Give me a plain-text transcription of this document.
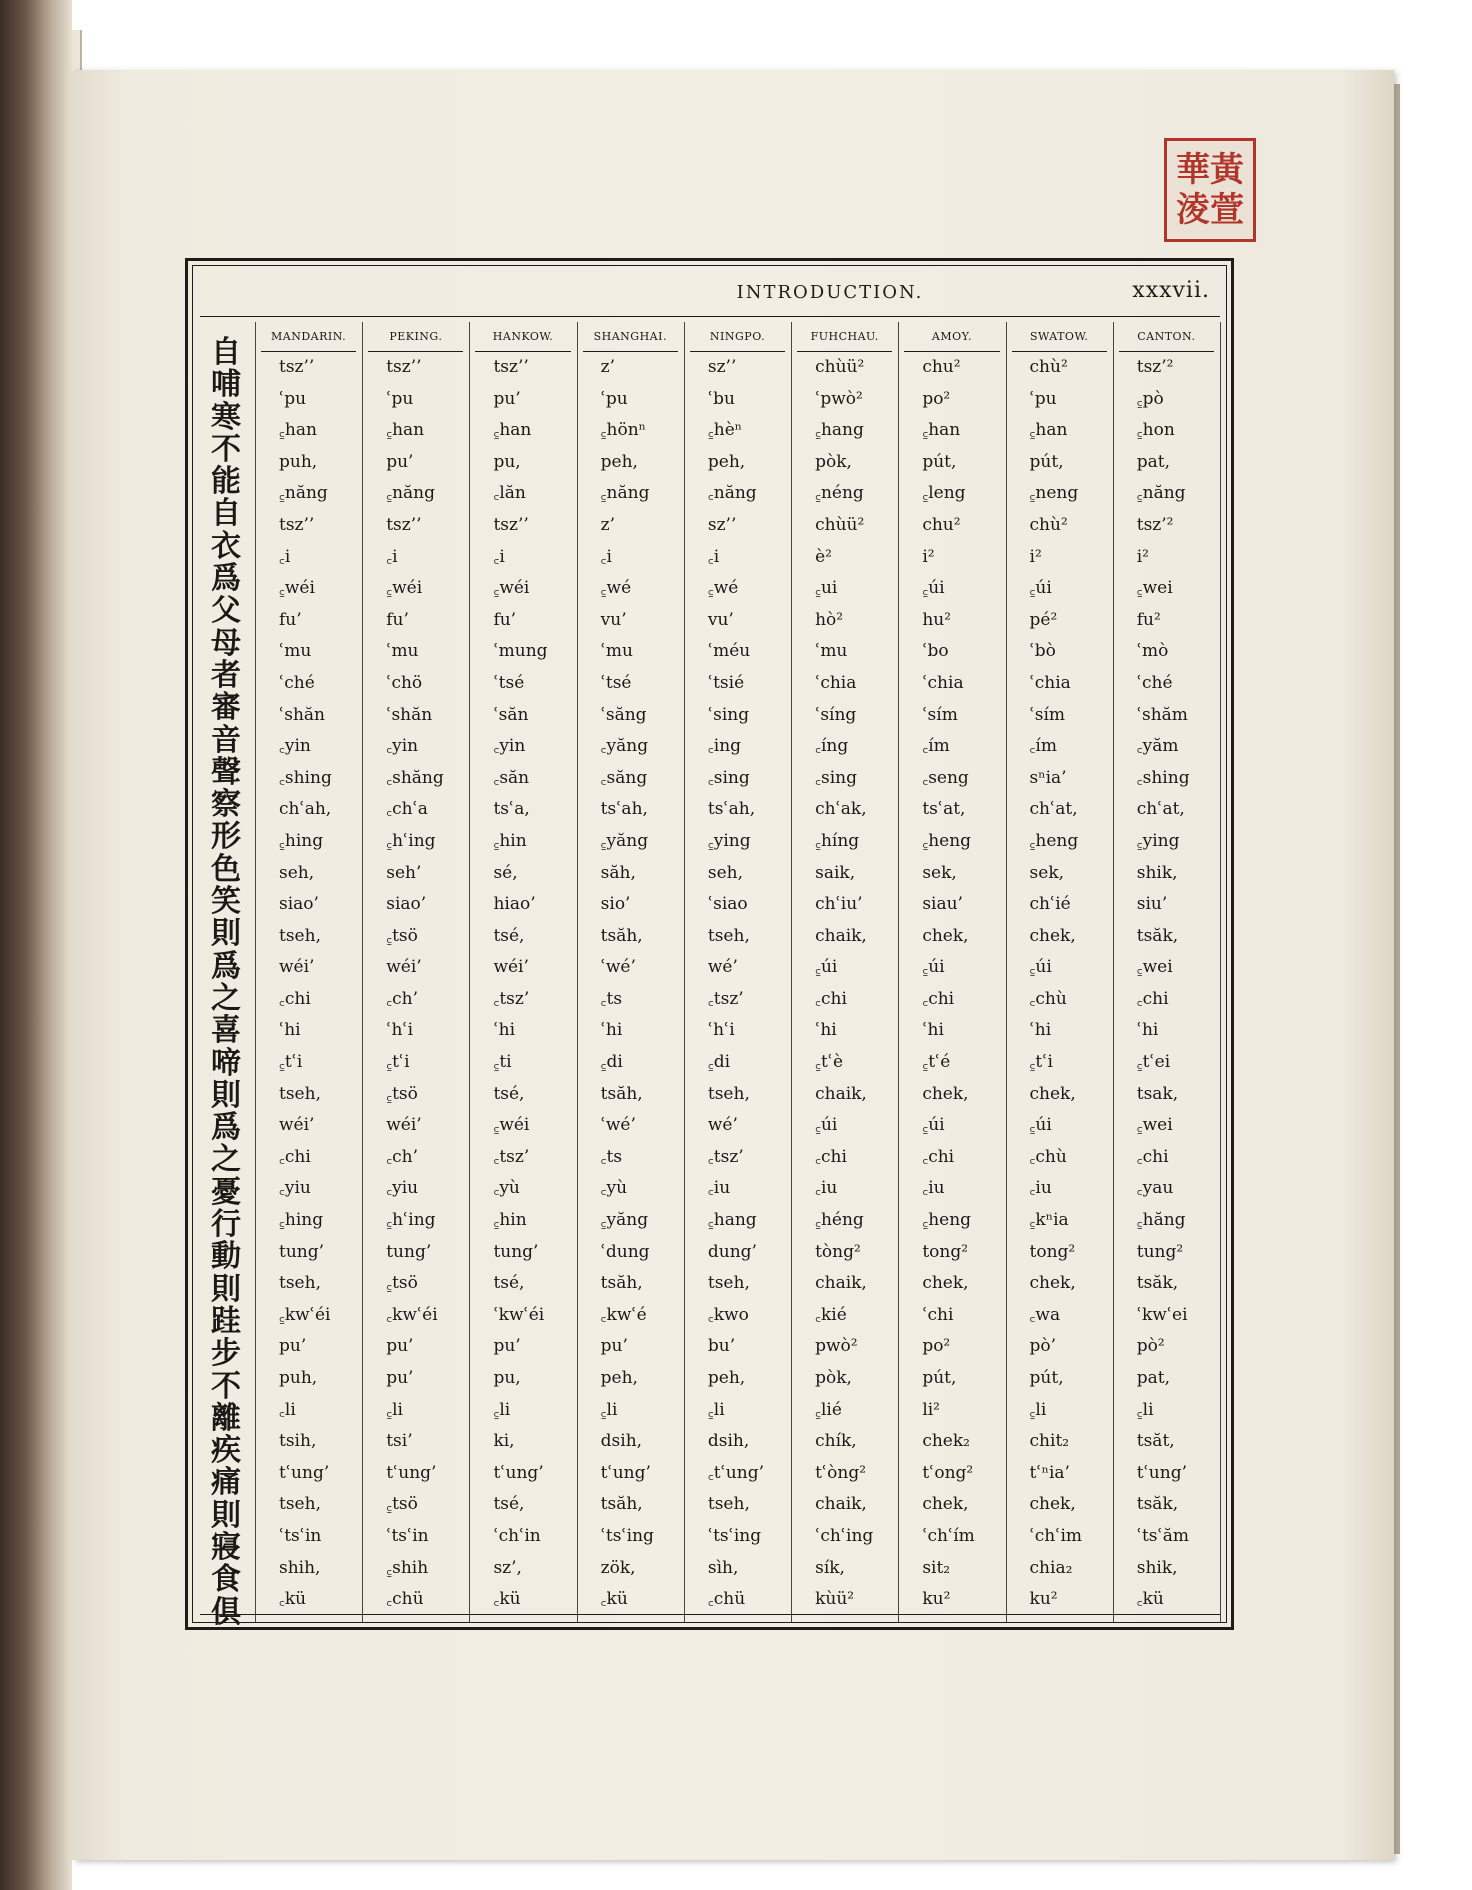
黃
萱
華
淩
INTRODUCTION.	xxxvii.
自
哺
寒
不
能
自
衣
爲
父
母
者
審
音
聲
察
形
色
笑
則
爲
之
喜
啼
則
爲
之
憂
行
動
則
跬
步
不
離
疾
痛
則
寢
食
俱
MANDARIN.	PEKING.	HANKOW.	SHANGHAI.	NINGPO.	FUHCHAU.	AMOY.	SWATOW.	CANTON.
tsz’’	tsz’’	tsz’’	z’	sz’’	chùü²	chu²	chù²	tsz’²
ʿpu	ʿpu	pu’	ʿpu	ʿbu	ʿpwò²	po²	ʿpu	꜁pò
꜁han	꜁han	꜁han	꜁hönⁿ	꜁hèⁿ	꜁hang	꜁han	꜁han	꜁hon
puh,	pu’	pu,	peh,	peh,	pòk,	pút,	pút,	pat,
꜁năng	꜁năng	꜀lăn	꜁năng	꜀năng	꜁néng	꜁leng	꜁neng	꜁năng
tsz’’	tsz’’	tsz’’	z’	sz’’	chùü²	chu²	chù²	tsz’²
꜀i	꜀i	꜀i	꜀i	꜀i	è²	i²	i²	i²
꜁wéi	꜁wéi	꜁wéi	꜁wé	꜁wé	꜁ui	꜁úi	꜁úi	꜁wei
fu’	fu’	fu’	vu’	vu’	hò²	hu²	pé²	fu²
ʿmu	ʿmu	ʿmung	ʿmu	ʿméu	ʿmu	ʿbo	ʿbò	ʿmò
ʿché	ʿchö	ʿtsé	ʿtsé	ʿtsié	ʿchia	ʿchia	ʿchia	ʿché
ʿshăn	ʿshăn	ʿsăn	ʿsăng	ʿsing	ʿsíng	ʿsím	ʿsím	ʿshăm
꜀yin	꜀yin	꜀yin	꜀yăng	꜀ing	꜀íng	꜀ím	꜀ím	꜀yăm
꜀shing	꜀shăng	꜀săn	꜀săng	꜀sing	꜀sing	꜀seng	sⁿia’	꜀shing
chʿah,	꜀chʿa	tsʿa,	tsʿah,	tsʿah,	chʿak,	tsʿat,	chʿat,	chʿat,
꜁hing	꜁hʿing	꜁hin	꜁yăng	꜁ying	꜁híng	꜁heng	꜁heng	꜁ying
seh,	seh’	sé,	săh,	seh,	saik,	sek,	sek,	shik,
siao’	siao’	hiao’	sio’	ʿsiao	chʿiu’	siau’	chʿié	siu’
tseh,	꜁tsö	tsé,	tsăh,	tseh,	chaik,	chek,	chek,	tsăk,
wéi’	wéi’	wéi’	ʿwé’	wé’	꜁úi	꜁úi	꜁úi	꜁wei
꜀chi	꜀ch’	꜀tsz’	꜀ts	꜀tsz’	꜀chi	꜀chi	꜀chù	꜀chi
ʿhi	ʿhʿi	ʿhi	ʿhi	ʿhʿi	ʿhi	ʿhi	ʿhi	ʿhi
꜁tʿi	꜁tʿi	꜁ti	꜁di	꜁di	꜁tʿè	꜁tʿé	꜁tʿi	꜁tʿei
tseh,	꜁tsö	tsé,	tsăh,	tseh,	chaik,	chek,	chek,	tsak,
wéi’	wéi’	꜁wéi	ʿwé’	wé’	꜁úi	꜁úi	꜁úi	꜁wei
꜀chi	꜀ch’	꜀tsz’	꜀ts	꜀tsz’	꜀chi	꜀chi	꜀chù	꜀chi
꜀yiu	꜀yiu	꜀yù	꜀yù	꜀iu	꜀iu	꜀iu	꜀iu	꜀yau
꜁hing	꜁hʿing	꜁hin	꜁yăng	꜁hang	꜁héng	꜁heng	꜁kⁿia	꜁hăng
tung’	tung’	tung’	ʿdung	dung’	tòng²	tong²	tong²	tung²
tseh,	꜁tsö	tsé,	tsăh,	tseh,	chaik,	chek,	chek,	tsăk,
꜁kwʿéi	꜀kwʿéi	ʿkwʿéi	꜀kwʿé	꜀kwo	꜀kié	ʿchi	꜀wa	ʿkwʿei
pu’	pu’	pu’	pu’	bu’	pwò²	po²	pò’	pò²
puh,	pu’	pu,	peh,	peh,	pòk,	pút,	pút,	pat,
꜀li	꜁li	꜁li	꜁li	꜁li	꜁lié	li²	꜁li	꜁li
tsih,	tsi’	ki,	dsih,	dsih,	chík,	chek₂	chit₂	tsăt,
tʿung’	tʿung’	tʿung’	tʿung’	꜀tʿung’	tʿòng²	tʿong²	tʿⁿia’	tʿung’
tseh,	꜁tsö	tsé,	tsăh,	tseh,	chaik,	chek,	chek,	tsăk,
ʿtsʿin	ʿtsʿin	ʿchʿin	ʿtsʿing	ʿtsʿing	ʿchʿing	ʿchʿím	ʿchʿim	ʿtsʿăm
shih,	꜁shih	sz’,	zök,	sìh,	sík,	sit₂	chia₂	shik,
꜀kü	꜀chü	꜀kü	꜀kü	꜀chü	kùü²	ku²	ku²	꜀kü
